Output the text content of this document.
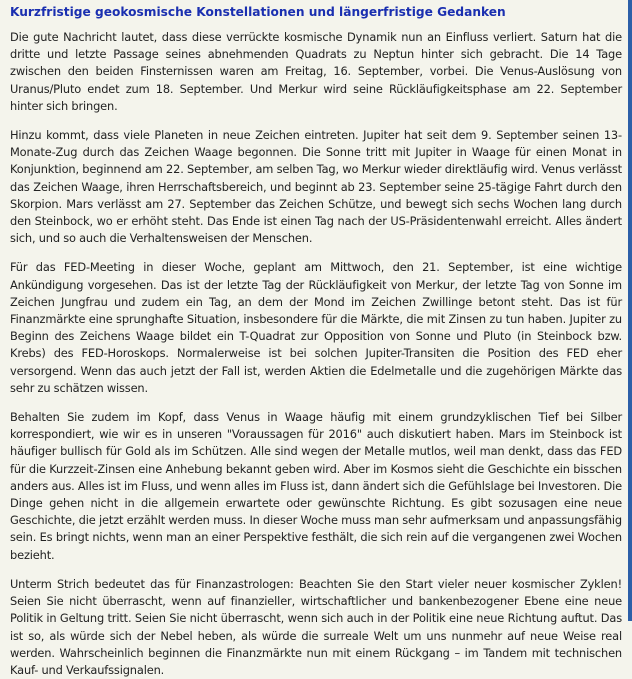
Kurzfristige geokosmische Konstellationen und längerfristige Gedanken

Die gute Nachricht lautet, dass diese verrückte kosmische Dynamik nun an Einfluss verliert. Saturn hat die dritte und letzte Passage seines abnehmenden Quadrats zu Neptun hinter sich gebracht. Die 14 Tage zwischen den beiden Finsternissen waren am Freitag, 16. September, vorbei. Die Venus-Auslösung von Uranus/Pluto endet zum 18. September. Und Merkur wird seine Rückläufigkeitsphase am 22. September hinter sich bringen.

Hinzu kommt, dass viele Planeten in neue Zeichen eintreten. Jupiter hat seit dem 9. September seinen 13-Monate-Zug durch das Zeichen Waage begonnen. Die Sonne tritt mit Jupiter in Waage für einen Monat in Konjunktion, beginnend am 22. September, am selben Tag, wo Merkur wieder direktläufig wird. Venus verlässt das Zeichen Waage, ihren Herrschaftsbereich, und beginnt ab 23. September seine 25-tägige Fahrt durch den Skorpion. Mars verlässt am 27. September das Zeichen Schütze, und bewegt sich sechs Wochen lang durch den Steinbock, wo er erhöht steht. Das Ende ist einen Tag nach der US-Präsidentenwahl erreicht. Alles ändert sich, und so auch die Verhaltensweisen der Menschen.

Für das FED-Meeting in dieser Woche, geplant am Mittwoch, den 21. September, ist eine wichtige Ankündigung vorgesehen. Das ist der letzte Tag der Rückläufigkeit von Merkur, der letzte Tag von Sonne im Zeichen Jungfrau und zudem ein Tag, an dem der Mond im Zeichen Zwillinge betont steht. Das ist für Finanzmärkte eine sprunghafte Situation, insbesondere für die Märkte, die mit Zinsen zu tun haben. Jupiter zu Beginn des Zeichens Waage bildet ein T-Quadrat zur Opposition von Sonne und Pluto (in Steinbock bzw. Krebs) des FED-Horoskops. Normalerweise ist bei solchen Jupiter-Transiten die Position des FED eher versorgend. Wenn das auch jetzt der Fall ist, werden Aktien die Edelmetalle und die zugehörigen Märkte das sehr zu schätzen wissen.

Behalten Sie zudem im Kopf, dass Venus in Waage häufig mit einem grundzyklischen Tief bei Silber korrespondiert, wie wir es in unseren "Voraussagen für 2016" auch diskutiert haben. Mars im Steinbock ist häufiger bullisch für Gold als im Schützen. Alle sind wegen der Metalle mutlos, weil man denkt, dass das FED für die Kurzzeit-Zinsen eine Anhebung bekannt geben wird. Aber im Kosmos sieht die Geschichte ein bisschen anders aus. Alles ist im Fluss, und wenn alles im Fluss ist, dann ändert sich die Gefühlslage bei Investoren. Die Dinge gehen nicht in die allgemein erwartete oder gewünschte Richtung. Es gibt sozusagen eine neue Geschichte, die jetzt erzählt werden muss. In dieser Woche muss man sehr aufmerksam und anpassungsfähig sein. Es bringt nichts, wenn man an einer Perspektive festhält, die sich rein auf die vergangenen zwei Wochen bezieht.

Unterm Strich bedeutet das für Finanzastrologen: Beachten Sie den Start vieler neuer kosmischer Zyklen! Seien Sie nicht überrascht, wenn auf finanzieller, wirtschaftlicher und bankenbezogener Ebene eine neue Politik in Geltung tritt. Seien Sie nicht überrascht, wenn sich auch in der Politik eine neue Richtung auftut. Das ist so, als würde sich der Nebel heben, als würde die surreale Welt um uns nunmehr auf neue Weise real werden. Wahrscheinlich beginnen die Finanzmärkte nun mit einem Rückgang – im Tandem mit technischen Kauf- und Verkaufssignalen.
